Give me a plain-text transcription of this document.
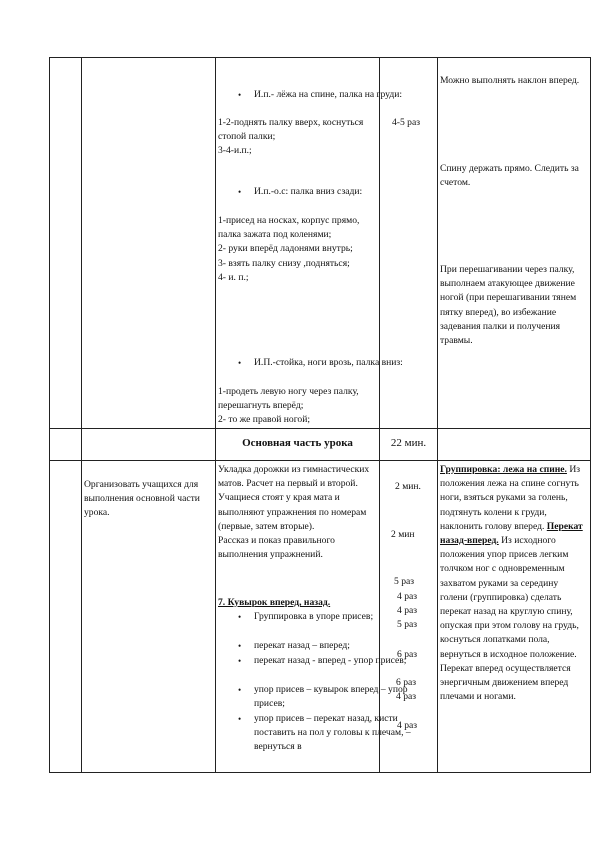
• И.п.- лёжа на спине, палка на груди:
1-2-поднять палку вверх, коснуться стопой палки;
3-4-и.п.;
• И.п.-о.с: палка вниз сзади:
1-присед на носках, корпус прямо, палка зажата под коленями;
2- руки вперёд ладонями внутрь;
3- взять палку снизу ,подняться;
4- и. п.;
• И.П.-стойка, ноги врозь, палка вниз:
1-продеть левую ногу через палку, перешагнуть вперёд;
2- то же правой ногой;
4-5 раз
Можно выполнять наклон вперед.
Спину держать прямо. Следить за счетом.
При перешагивании через палку, выполнаем атакующее движение ногой (при перешагивании тянем пятку вперед), во избежание задевания палки и получения травмы.
Основная часть урока	22 мин.
Организовать учащихся для выполнения основной части урока.
Укладка дорожки из гимнастических матов. Расчет на первый и второй. Учащиеся стоят у края мата и выполняют упражнения по номерам (первые, затем вторые).
Рассказ и показ правильного выполнения упражнений.
7. Кувырок вперед, назад.
• Группировка в упоре присев;
• перекат назад – вперед;
• перекат назад - вперед - упор присев;
• упор присев – кувырок вперед – упор присев;
• упор присев – перекат назад, кисти поставить на пол у головы к плечам, – вернуться в
2 мин.
2 мин
5 раз
4 раз
4 раз
5 раз
6 раз
6 раз
4 раз
4 раз
Группировка: лежа на спине. Из положения лежа на спине согнуть ноги, взяться руками за голень, подтянуть колени к груди, наклонить голову вперед. Перекат назад-вперед. Из исходного положения упор присев легким толчком ног с одновременным захватом руками за середину голени (группировка) сделать перекат назад на круглую спину, опуская при этом голову на грудь, коснуться лопатками пола, вернуться в исходное положение.
Перекат вперед осуществляется энергичным движением вперед плечами и ногами.
